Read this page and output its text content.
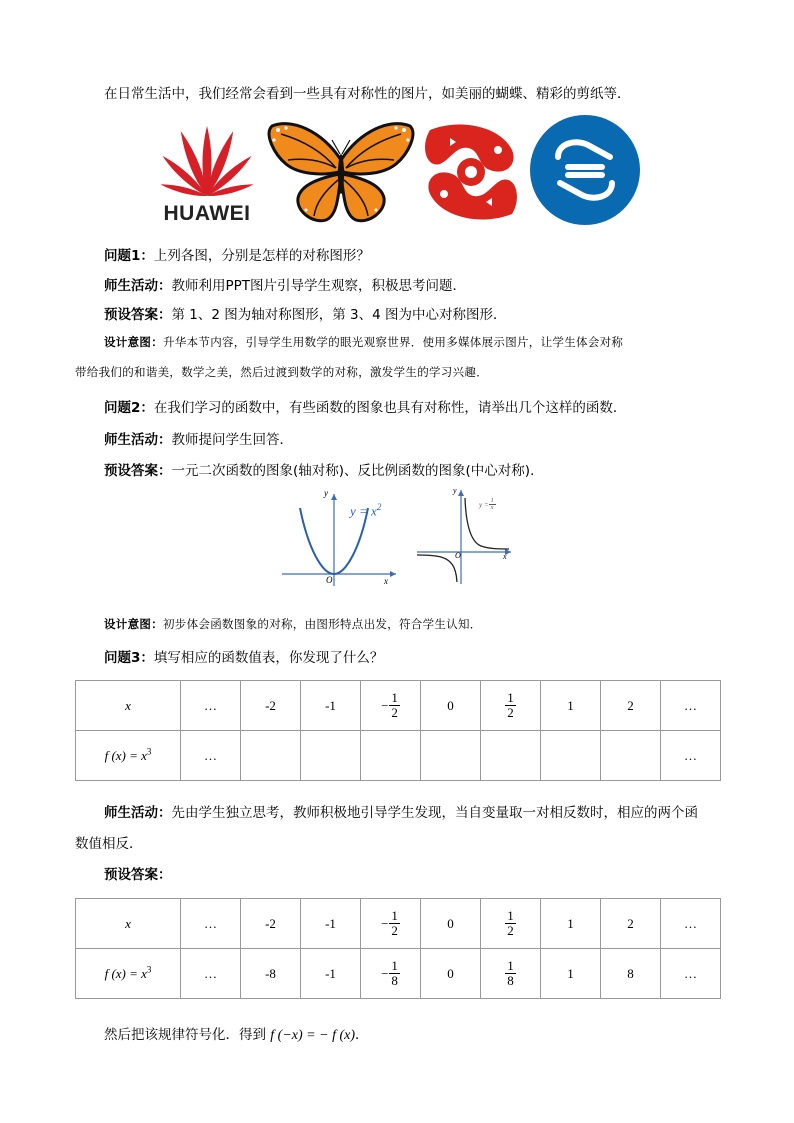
在日常生活中，我们经常会看到一些具有对称性的图片，如美丽的蝴蝶、精彩的剪纸等．
HUAWEI
问题1：上列各图，分别是怎样的对称图形？
师生活动：教师利用PPT图片引导学生观察，积极思考问题．
预设答案：第 1、2 图为轴对称图形，第 3、4 图为中心对称图形．
设计意图：升华本节内容，引导学生用数学的眼光观察世界．使用多媒体展示图片，让学生体会对称
带给我们的和谐美，数学之美，然后过渡到数学的对称，激发学生的学习兴趣．
问题2：在我们学习的函数中，有些函数的图象也具有对称性，请举出几个这样的函数．
师生活动：教师提问学生回答．
预设答案：一元二次函数的图象(轴对称)、反比例函数的图象(中心对称)．
y
x
O
$y = x^2$
y
x
O
$y = \frac{1}{x}$
设计意图：初步体会函数图象的对称，由图形特点出发，符合学生认知．
问题3：填写相应的函数值表，你发现了什么？
x	…	-2	-1	− $\frac{1}{2}$	0	$\frac{1}{2}$	1	2	…
f $(x) = x^3$	…								…
师生活动：先由学生独立思考，教师积极地引导学生发现，当自变量取一对相反数时，相应的两个函
数值相反．
预设答案：
x	…	-2	-1	− $\frac{1}{2}$	0	$\frac{1}{2}$	1	2	…
f $(x) = x^3$	…	-8	-1	− $\frac{1}{8}$	0	$\frac{1}{8}$	1	8	…
然后把该规律符号化．得到 f (−x) = − f (x)．
